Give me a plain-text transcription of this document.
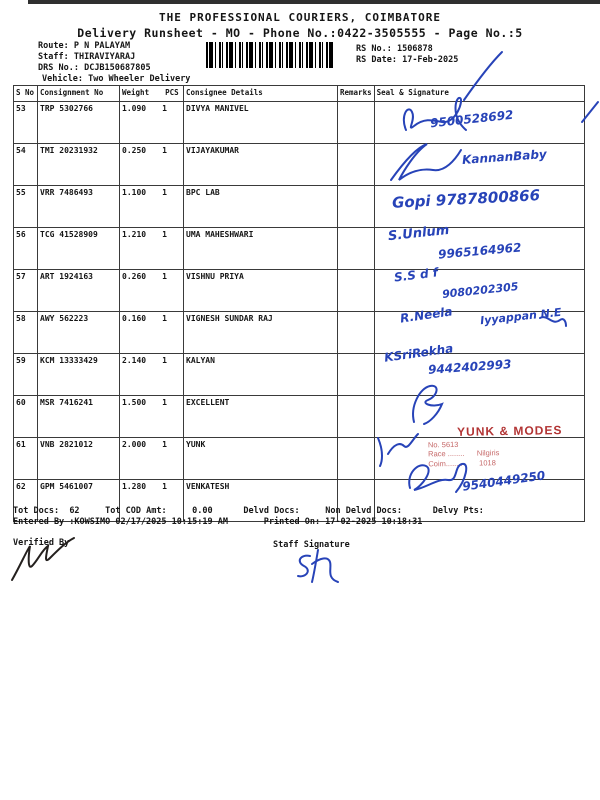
THE PROFESSIONAL COURIERS, COIMBATORE
Delivery Runsheet - MO - Phone No.:0422-3505555 - Page No.:5
Route: P N PALAYAM
Staff: THIRAVIYARAJ
DRS No.: DCJB150687805
Vehicle: Two Wheeler Delivery
RS No.: 1506878
RS Date: 17-Feb-2025
S No	Consignment No	Weight PCS	Consignee Details	Remarks	Seal & Signature
53	TRP 5302766	1.090 1	DIVYA MANIVEL		
54	TMI 20231932	0.250 1	VIJAYAKUMAR		
55	VRR 7486493	1.100 1	BPC LAB		
56	TCG 41528909	1.210 1	UMA MAHESHWARI		
57	ART 1924163	0.260 1	VISHNU PRIYA		
58	AWY 562223	0.160 1	VIGNESH SUNDAR RAJ		
59	KCM 13333429	2.140 1	KALYAN		
60	MSR 7416241	1.500 1	EXCELLENT		
61	VNB 2821012	2.000 1	YUNK		
62	GPM 5461007	1.280 1	VENKATESH		
9500528692
KannanBaby
Gopi 9787800866
S.Unlum
9965164962
S.S d f
9080202305
R.Neela Iyyappan N.E
KSriRekha
9442402993
YUNK & MODES
No. 5613
Race ........      Nilgiris
Coim........        1018
9540449250
Tot Docs: 62	Tot COD Amt:	0.00	Delvd Docs:	Non Delvd Docs:	Delvy Pts:
Entered By :KOWSIMO 02/17/2025 10:15:19 AM	Printed On: 17-02-2025 10:18:31
Verified By	Staff Signature
